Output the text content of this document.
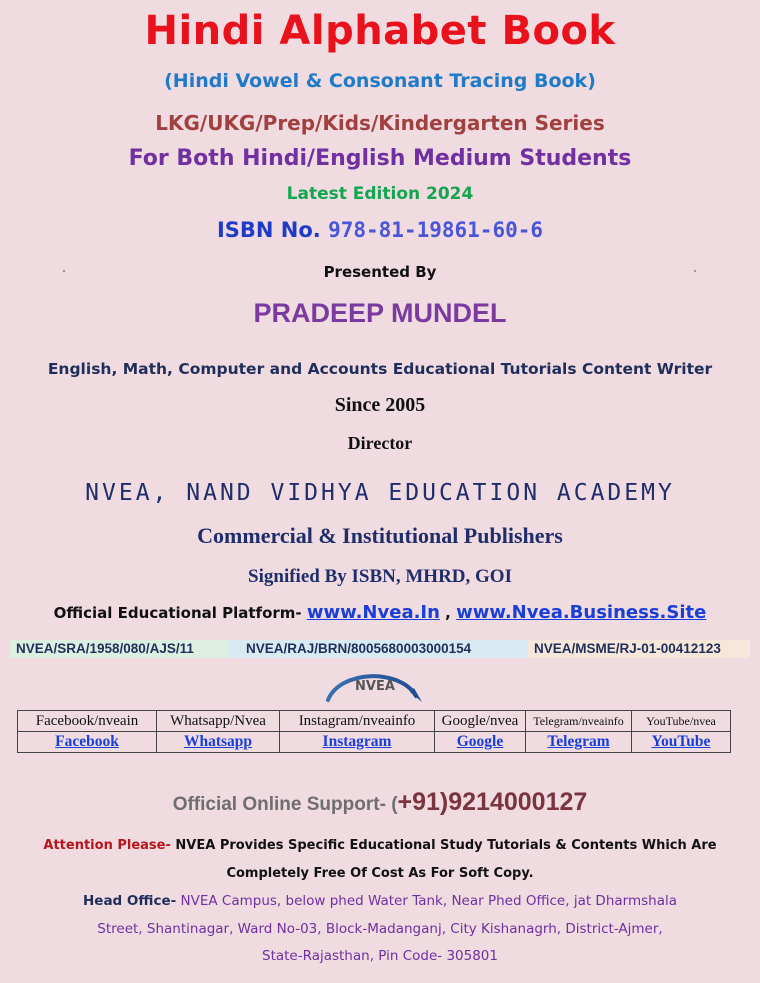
Hindi Alphabet Book
(Hindi Vowel & Consonant Tracing Book)
LKG/UKG/Prep/Kids/Kindergarten Series
For Both Hindi/English Medium Students
Latest Edition 2024
ISBN No. 978-81-19861-60-6
Presented By
PRADEEP MUNDEL
English, Math, Computer and Accounts Educational Tutorials Content Writer
Since 2005
Director
NVEA, NAND VIDHYA EDUCATION ACADEMY
Commercial & Institutional Publishers
Signified By ISBN, MHRD, GOI
Official Educational Platform- www.Nvea.In , www.Nvea.Business.Site
NVEA/SRA/1958/080/AJS/11	NVEA/RAJ/BRN/8005680003000154	NVEA/MSME/RJ-01-00412123
NVEA
Facebook/nveain	Whatsapp/Nvea	Instagram/nveainfo	Google/nvea	Telegram/nveainfo	YouTube/nvea
Facebook	Whatsapp	Instagram	Google	Telegram	YouTube
Official Online Support- (+91)9214000127
Attention Please- NVEA Provides Specific Educational Study Tutorials & Contents Which Are
Completely Free Of Cost As For Soft Copy.
Head Office- NVEA Campus, below phed Water Tank, Near Phed Office, jat Dharmshala
Street, Shantinagar, Ward No-03, Block-Madanganj, City Kishanagrh, District-Ajmer,
State-Rajasthan, Pin Code- 305801
